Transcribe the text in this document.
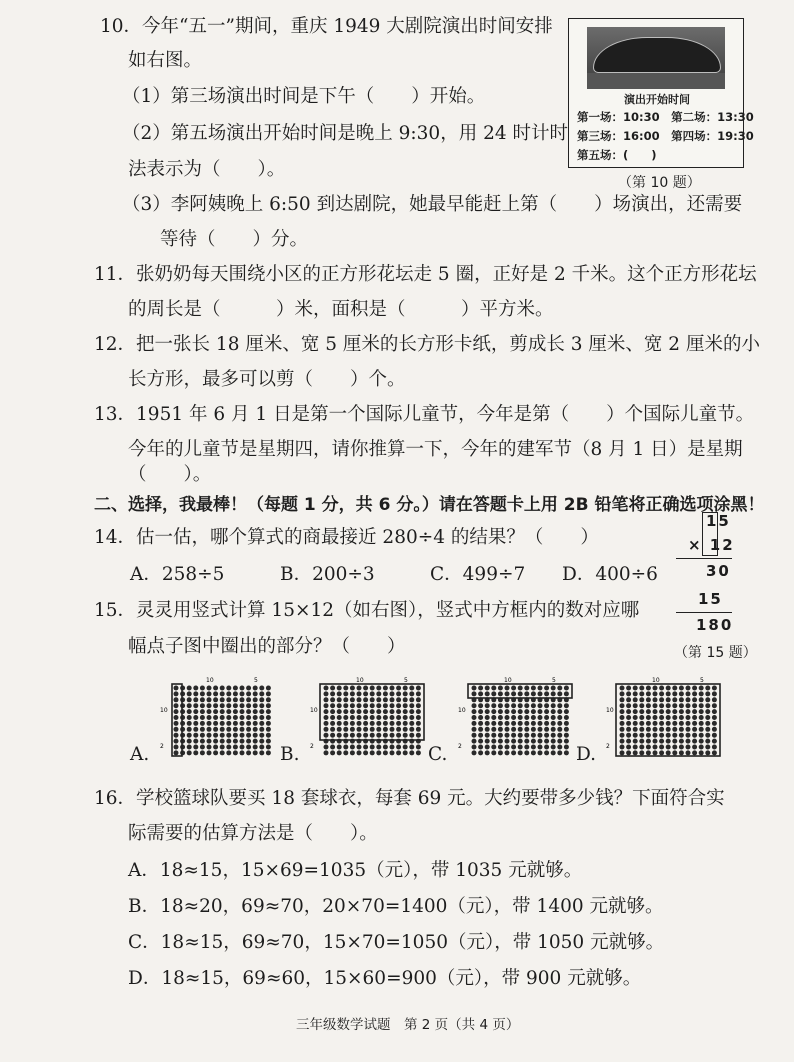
10．今年“五一”期间，重庆 1949 大剧院演出时间安排
如右图。
（1）第三场演出时间是下午（　　）开始。
（2）第五场演出开始时间是晚上 9:30，用 24 时计时
法表示为（　　）。
（3）李阿姨晚上 6:50 到达剧院，她最早能赶上第（　　）场演出，还需要
等待（　　）分。
演出开始时间
第一场：10:30　第二场：13:30
第三场：16:00　第四场：19:30
第五场：(　　)
（第 10 题）
11．张奶奶每天围绕小区的正方形花坛走 5 圈，正好是 2 千米。这个正方形花坛
的周长是（　　　）米，面积是（　　　）平方米。
12．把一张长 18 厘米、宽 5 厘米的长方形卡纸，剪成长 3 厘米、宽 2 厘米的小
长方形，最多可以剪（　　）个。
13．1951 年 6 月 1 日是第一个国际儿童节，今年是第（　　）个国际儿童节。
今年的儿童节是星期四，请你推算一下，今年的建军节（8 月 1 日）是星期
（　　）。
二、选择，我最棒！（每题 1 分，共 6 分。）请在答题卡上用 2B 铅笔将正确选项涂黑！
14．估一估，哪个算式的商最接近 280÷4 的结果？（　　）
A．258÷5	B．200÷3	C．499÷7 D．400÷6
15
× 12
30
15
180
（第 15 题）
15．灵灵用竖式计算 15×12（如右图），竖式中方框内的数对应哪
幅点子图中圈出的部分？（　　）
10	5
10
2
10	5
10
2
10	5
10
2
10	5
10
2
A.	B.	C.	D.
16．学校篮球队要买 18 套球衣，每套 69 元。大约要带多少钱？下面符合实
际需要的估算方法是（　　）。
A．18≈15，15×69=1035（元），带 1035 元就够。
B．18≈20，69≈70，20×70=1400（元），带 1400 元就够。
C．18≈15，69≈70，15×70=1050（元），带 1050 元就够。
D．18≈15，69≈60，15×60=900（元），带 900 元就够。
三年级数学试题　第 2 页（共 4 页）
